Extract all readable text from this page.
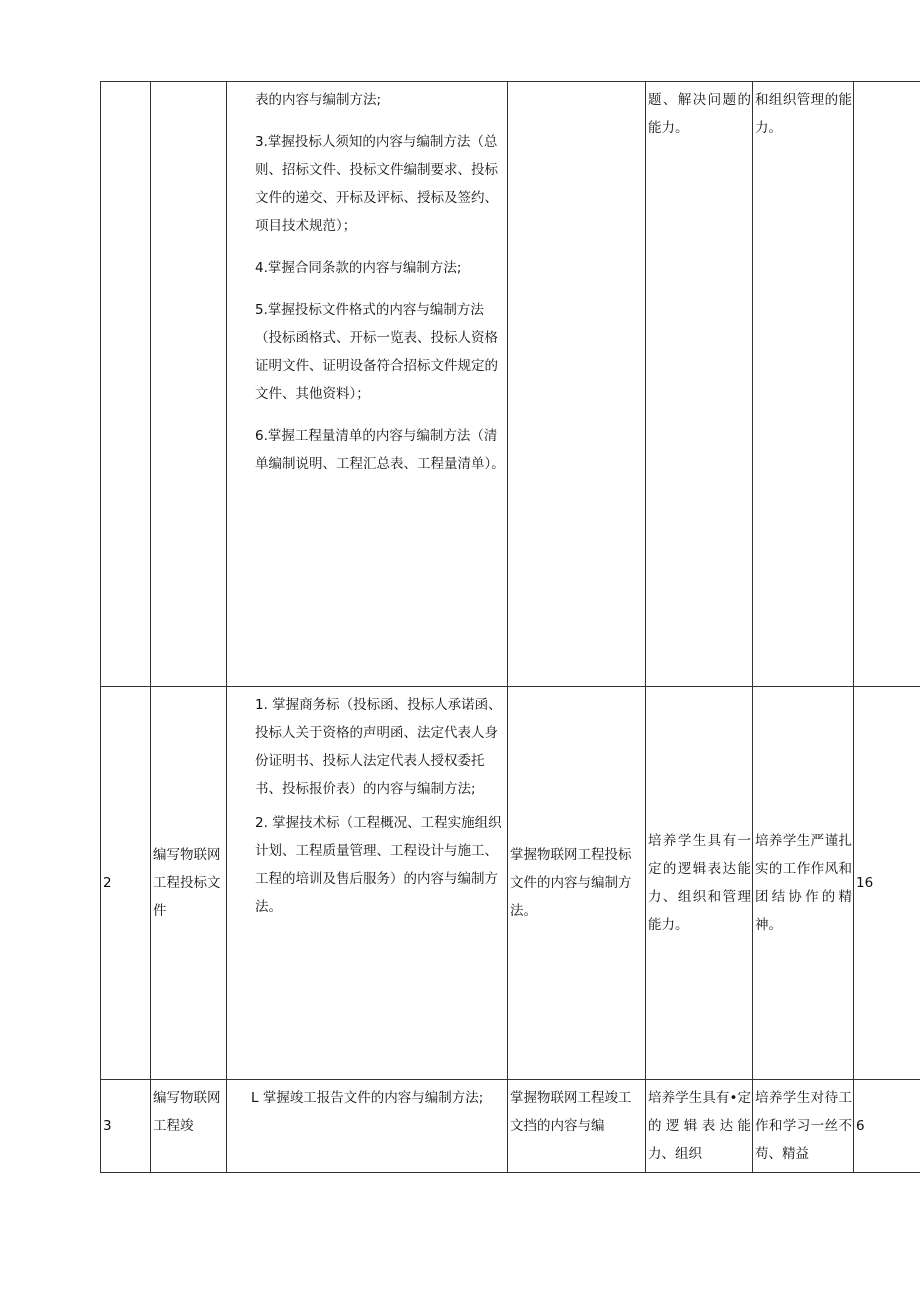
		表的内容与编制方法;

3.掌握投标人须知的内容与编制方法（总则、招标文件、投标文件编制要求、投标文件的递交、开标及评标、授标及签约、项目技术规范）；

4.掌握合同条款的内容与编制方法;

5.掌握投标文件格式的内容与编制方法（投标函格式、开标一览表、投标人资格证明文件、证明设备符合招标文件规定的文件、其他资料）；

6.掌握工程量清单的内容与编制方法（清单编制说明、工程汇总表、工程量清单）。		题、解决问题的能力。	和组织管理的能力。	

2	编写物联网工程投标文件	1. 掌握商务标（投标函、投标人承诺函、投标人关于资格的声明函、法定代表人身份证明书、投标人法定代表人授权委托书、投标报价表）的内容与编制方法;

2. 掌握技术标（工程概况、工程实施组织计划、工程质量管理、工程设计与施工、工程的培训及售后服务）的内容与编制方法。	掌握物联网工程投标文件的内容与编制方法。	培养学生具有一定的逻辑表达能力、组织和管理能力。	培养学生严谨扎实的工作作风和团结协作的精神。	16

3	编写物联网工程竣	L 掌握竣工报告文件的内容与编制方法;	掌握物联网工程竣工文挡的内容与编	培养学生具有•定的逻辑表达能力、组织	培养学生对待工作和学习一丝不苟、精益	6
